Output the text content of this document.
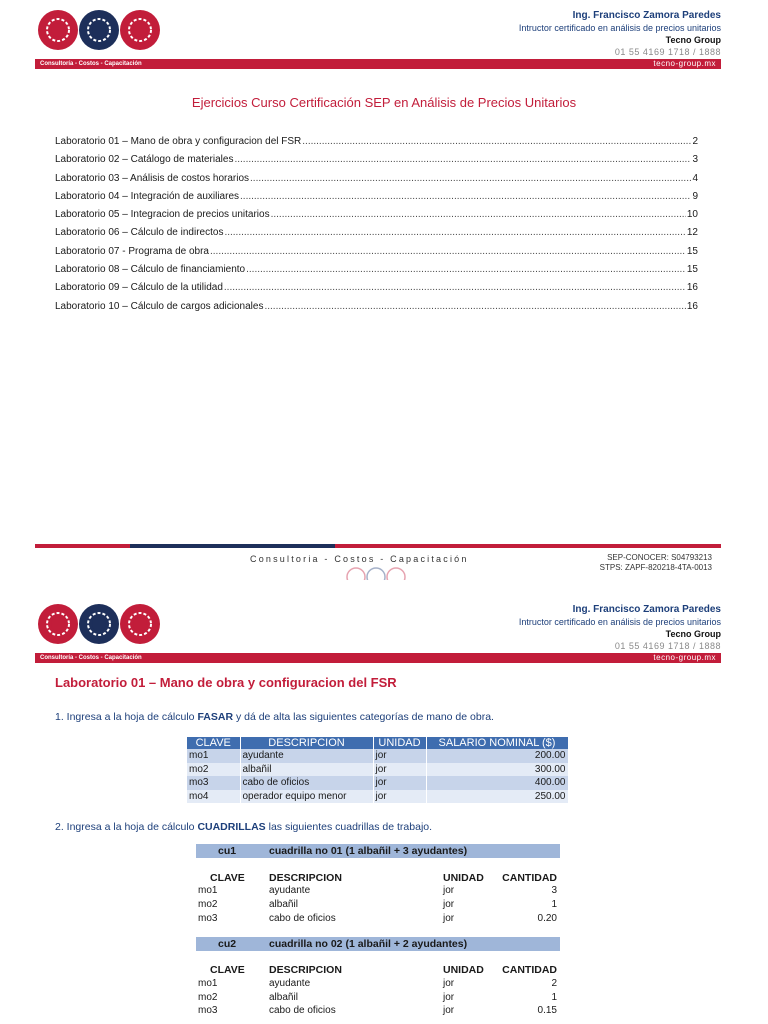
Ing. Francisco Zamora Paredes
Intructor certificado en análisis de precios unitarios
Tecno Group
01 55 4169 1718 / 1888
Consultoría - Costos - Capacitación	tecno-group.mx
Ejercicios Curso Certificación SEP en Análisis de Precios Unitarios
Laboratorio 01 – Mano de obra y configuracion del FSR .....	2
Laboratorio 02 – Catálogo de materiales .....	3
Laboratorio 03 – Análisis de costos horarios .....	4
Laboratorio 04 – Integración de auxiliares .....	9
Laboratorio 05 – Integracion de precios unitarios .....	10
Laboratorio 06 – Cálculo de indirectos .....	12
Laboratorio 07 - Programa de obra .....	15
Laboratorio 08 – Cálculo de financiamiento .....	15
Laboratorio 09 – Cálculo de la utilidad .....	16
Laboratorio 10 – Cálculo de cargos adicionales .....	16
Consultoria - Costos - Capacitación	SEP-CONOCER: S04793213
STPS: ZAPF-820218-4TA-0013
Ing. Francisco Zamora Paredes
Intructor certificado en análisis de precios unitarios
Tecno Group
01 55 4169 1718 / 1888
Consultoría - Costos - Capacitación	tecno-group.mx
Laboratorio 01 – Mano de obra y configuracion del FSR
1. Ingresa a la hoja de cálculo FASAR y dá de alta las siguientes categorías de mano de obra.
CLAVE	DESCRIPCION	UNIDAD	SALARIO NOMINAL ($)
mo1	ayudante	jor	200.00
mo2	albañil	jor	300.00
mo3	cabo de oficios	jor	400.00
mo4	operador equipo menor	jor	250.00
2. Ingresa a la hoja de cálculo CUADRILLAS las siguientes cuadrillas de trabajo.
cu1	cuadrilla no 01 (1 albañil + 3 ayudantes)
CLAVE DESCRIPCION	UNIDAD CANTIDAD
mo1	ayudante	jor	3
mo2	albañil	jor	1
mo3	cabo de oficios	jor	0.20
cu2	cuadrilla no 02 (1 albañil + 2 ayudantes)
CLAVE DESCRIPCION	UNIDAD CANTIDAD
mo1	ayudante	jor	2
mo2	albañil	jor	1
mo3	cabo de oficios	jor	0.15
